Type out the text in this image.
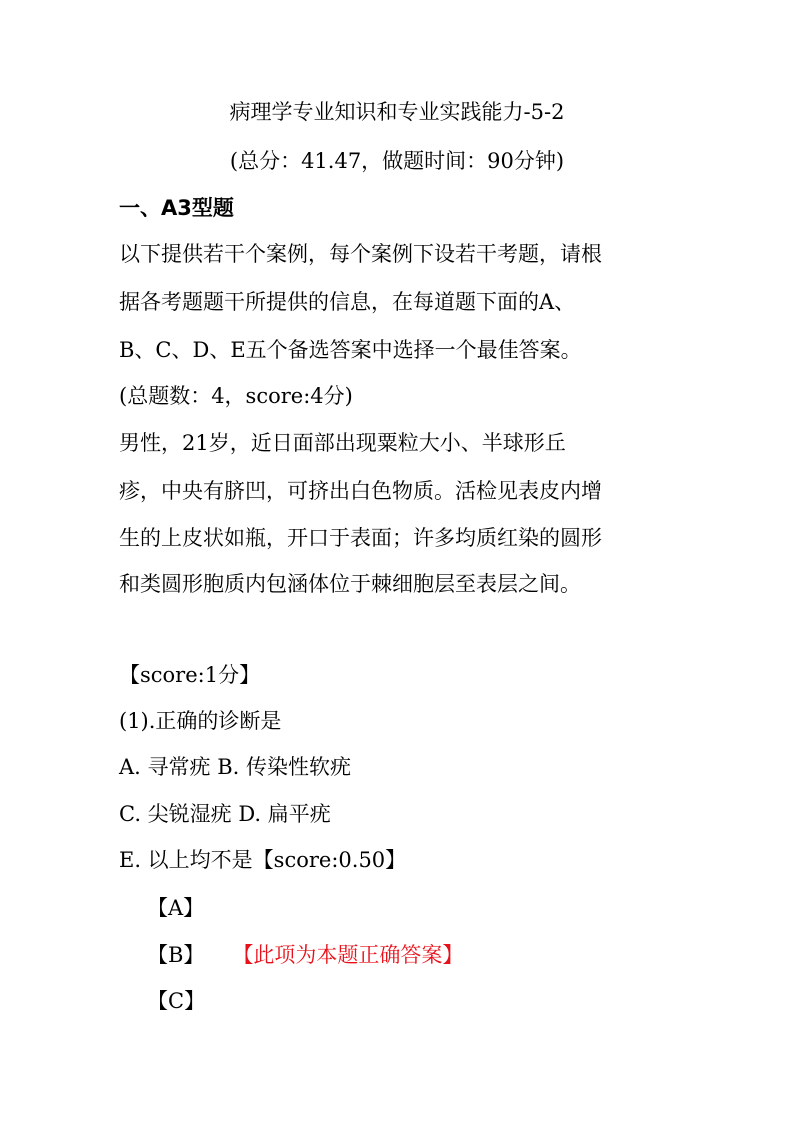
病理学专业知识和专业实践能力-5-2
(总分：41.47，做题时间：90分钟)
一、A3型题
以下提供若干个案例，每个案例下设若干考题，请根
据各考题题干所提供的信息，在每道题下面的A、
B、C、D、E五个备选答案中选择一个最佳答案。
(总题数：4，score:4分)
男性，21岁，近日面部出现粟粒大小、半球形丘
疹，中央有脐凹，可挤出白色物质。活检见表皮内增
生的上皮状如瓶，开口于表面；许多均质红染的圆形
和类圆形胞质内包涵体位于棘细胞层至表层之间。
【score:1分】
(1).正确的诊断是
A. 寻常疣 B. 传染性软疣
C. 尖锐湿疣 D. 扁平疣
E. 以上均不是【score:0.50】
【A】
【B】 【此项为本题正确答案】
【C】
